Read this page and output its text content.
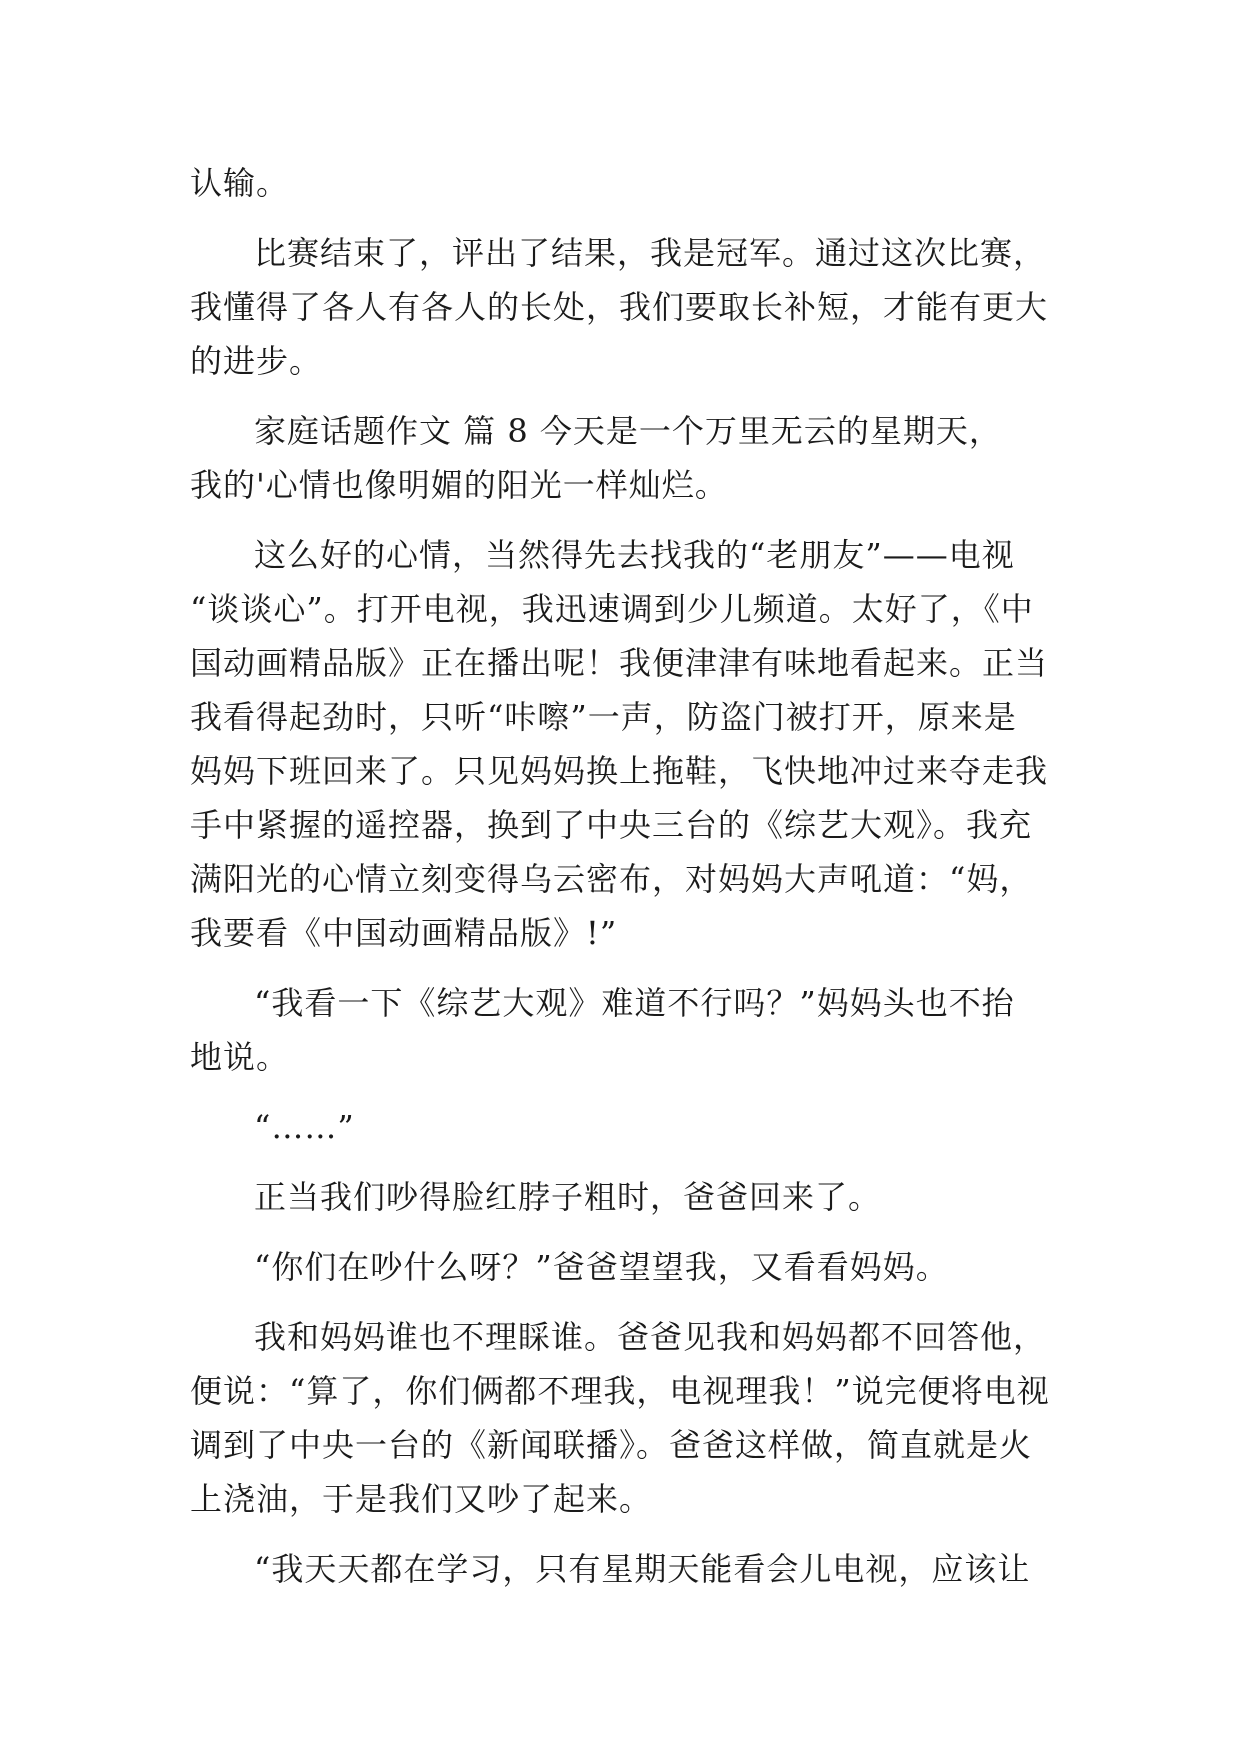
认输。
比赛结束了，评出了结果，我是冠军。通过这次比赛，
我懂得了各人有各人的长处，我们要取长补短，才能有更大
的进步。
家庭话题作文 篇 8 今天是一个万里无云的星期天，
我的'心情也像明媚的阳光一样灿烂。
这么好的心情，当然得先去找我的“老朋友”——电视
“谈谈心”。打开电视，我迅速调到少儿频道。太好了，《中
国动画精品版》正在播出呢！我便津津有味地看起来。正当
我看得起劲时，只听“咔嚓”一声，防盗门被打开，原来是
妈妈下班回来了。只见妈妈换上拖鞋，飞快地冲过来夺走我
手中紧握的遥控器，换到了中央三台的《综艺大观》。我充
满阳光的心情立刻变得乌云密布，对妈妈大声吼道：“妈，
我要看《中国动画精品版》!”
“我看一下《综艺大观》难道不行吗？”妈妈头也不抬
地说。
“……”
正当我们吵得脸红脖子粗时，爸爸回来了。
“你们在吵什么呀？”爸爸望望我，又看看妈妈。
我和妈妈谁也不理睬谁。爸爸见我和妈妈都不回答他，
便说：“算了，你们俩都不理我，电视理我！”说完便将电视
调到了中央一台的《新闻联播》。爸爸这样做，简直就是火
上浇油，于是我们又吵了起来。
“我天天都在学习，只有星期天能看会儿电视，应该让
